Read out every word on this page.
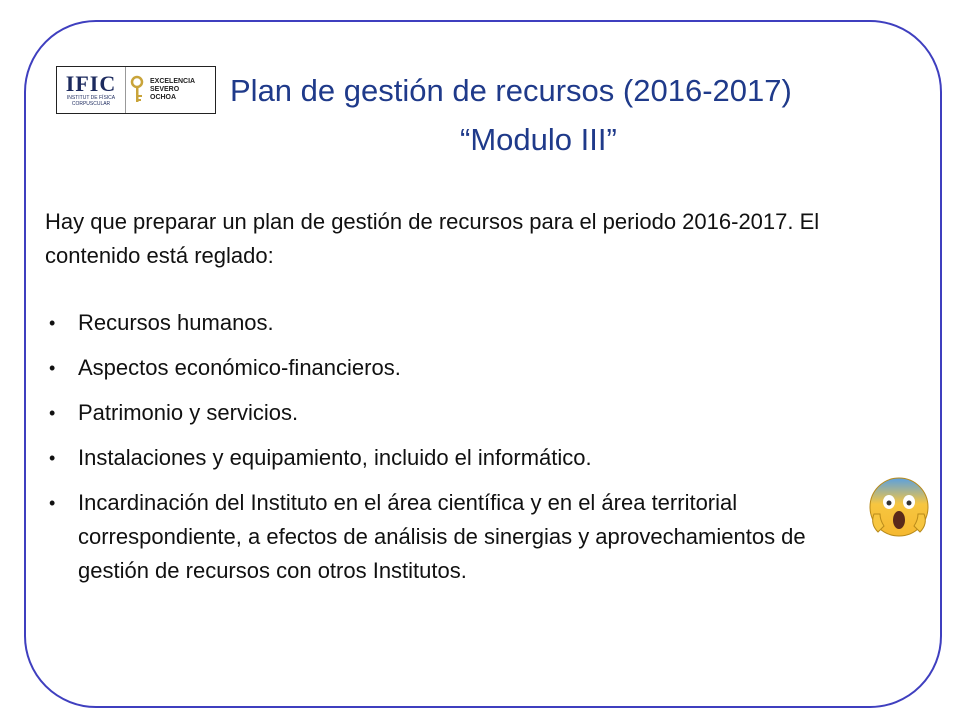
IFIC
INSTITUT DE FÍSICA CORPUSCULAR
EXCELENCIA
SEVERO
OCHOA	Plan de gestión de recursos (2016-2017)
“Modulo III”
Hay que preparar un plan de gestión de recursos para el periodo 2016-2017. El contenido está reglado:
• Recursos humanos.
• Aspectos económico-financieros.
• Patrimonio y servicios.
• Instalaciones y equipamiento, incluido el informático.
• Incardinación del Instituto en el área científica y en el área territorial correspondiente, a efectos de análisis de sinergias y aprovechamientos de gestión de recursos con otros Institutos.
